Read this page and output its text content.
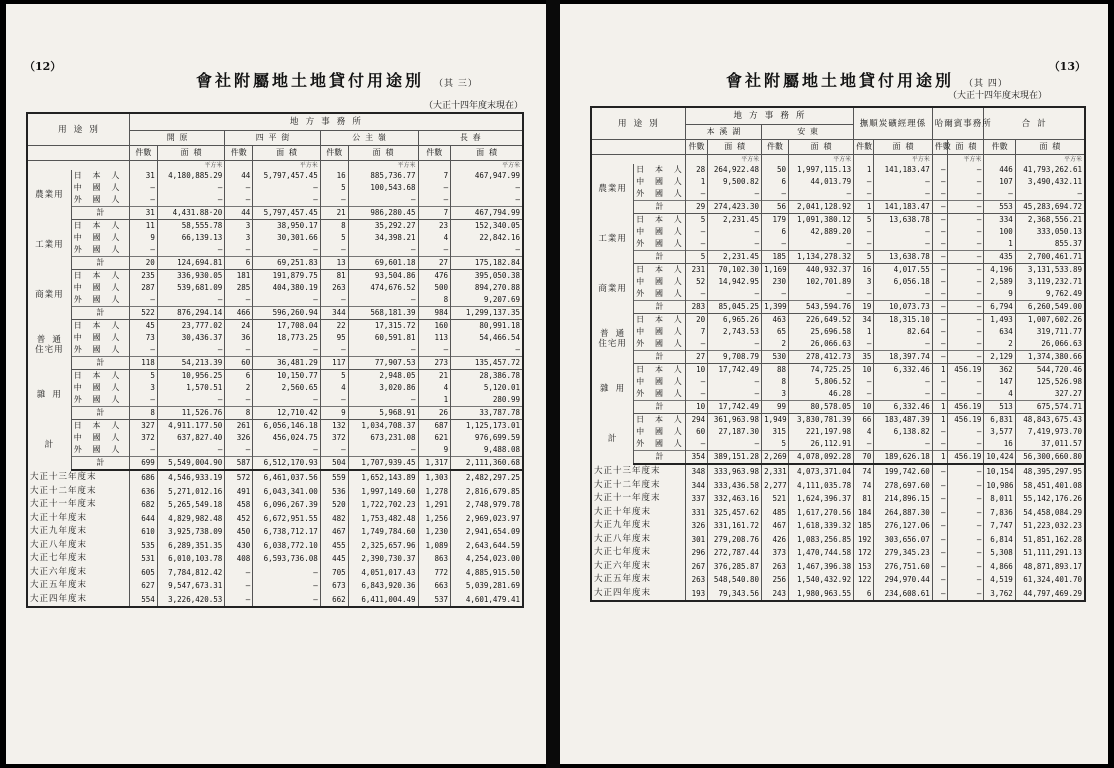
（12）
會社附屬地土地貸付用途別 （其 三）
（大正十四年度末現在）
用 途 別		地 方 事 務 所							
		開 原		四 平 街		公 主 嶺		長 春	
		件數	面 積	件數	面 積	件數	面 積	件數	面 積
			平方米		平方米		平方米		平方米
農業用	日 本 人	31	4,180,885.29	44	5,797,457.45	16	885,736.77	7	467,947.99
	中 國 人	—	—	—	—	5	100,543.68	—	—
	外 國 人	—	—	—	—	—	—	—	—
	計	31	4,431.88·20	44	5,797,457.45	21	986,280.45	7	467,794.99
工業用	日 本 人	11	58,555.78	3	38,950.17	8	35,292.27	23	152,340.05
	中 國 人	9	66,139.13	3	30,301.66	5	34,398.21	4	22,842.16
	外 國 人	—	—	—	—	—	—	—	—
	計	20	124,694.81	6	69,251.83	13	69,601.18	27	175,182.84
商業用	日 本 人	235	336,930.05	181	191,879.75	81	93,504.86	476	395,050.38
	中 國 人	287	539,681.09	285	404,380.19	263	474,676.52	500	894,270.88
	外 國 人	—	—	—	—	—	—	8	9,207.69
	計	522	876,294.14	466	596,260.94	344	568,181.39	984	1,299,137.35
普 通
住宅用	日 本 人	45	23,777.02	24	17,708.04	22	17,315.72	160	80,991.18
	中 國 人	73	30,436.37	36	18,773.25	95	60,591.81	113	54,466.54
	外 國 人	—	—	—	—	—	—	—	—
	計	118	54,213.39	60	36,481.29	117	77,907.53	273	135,457.72
雜 用	日 本 人	5	10,956.25	6	10,150.77	5	2,948.05	21	28,386.78
	中 國 人	3	1,570.51	2	2,560.65	4	3,020.86	4	5,120.01
	外 國 人	—	—	—	—	—	—	1	280.99
	計	8	11,526.76	8	12,710.42	9	5,968.91	26	33,787.78
計	日 本 人	327	4,911.177.50	261	6,056,146.18	132	1,034,708.37	687	1,125,173.01
	中 國 人	372	637,827.40	326	456,024.75	372	673,231.08	621	976,699.59
	外 國 人	—	—	—	—	—	—	9	9,488.08
	計	699	5,549,004.90	587	6,512,170.93	504	1,707,939.45	1,317	2,111,360.68
大正十三年度末		686	4,546,933.19	572	6,461,037.56	559	1,652,143.89	1,303	2,482,297.25
大正十二年度末		636	5,271,012.16	491	6,043,341.00	536	1,997,149.60	1,278	2,816,679.85
大正十一年度末		682	5,265,549.18	458	6,096,267.39	520	1,722,702.23	1,291	2,748,979.78
大正十年度末		644	4,829,982.48	452	6,672,951.55	482	1,753,482.48	1,256	2,969,023.97
大正九年度末		610	3,925,738.09	450	6,738,712.17	467	1,749,784.60	1,230	2,941,654.09
大正八年度末		535	6,289,351.35	430	6,038,772.10	455	2,325,657.96	1,089	2,643,644.59
大正七年度末		531	6,010,103.78	408	6,593,736.08	445	2,390,730.37	863	4,254,023.00
大正六年度末		605	7,784,812.42	—	—	705	4,051,017.43	772	4,885,915.50
大正五年度末		627	9,547,673.31	—	—	673	6,843,920.36	663	5,039,281.69
大正四年度末		554	3,226,420.53	—	—	662	6,411,004.49	537	4,601,479.41
（13）
會社附屬地土地貸付用途別 （其 四）
（大正十四年度末現在）
用 途 別		地 方 事 務 所				撫順炭礦經理係		哈爾賓事務所		合 計	
		本 溪 湖		安 東							
		件數	面 積	件數	面 積	件數	面 積	件數	面 積	件數	面 積
			平方米		平方米		平方米		平方米		平方米
農業用	日 本 人	28	264,922.48	50	1,997,115.13	1	141,183.47	—	—	446	41,793,262.61
	中 國 人	1	9,500.82	6	44,013.79	—	—	—	—	107	3,490,432.11
	外 國 人	—	—	—	—	—	—	—	—	—	—
	計	29	274,423.30	56	2,041,128.92	1	141,183.47	—	—	553	45,283,694.72
工業用	日 本 人	5	2,231.45	179	1,091,380.12	5	13,638.78	—	—	334	2,368,556.21
	中 國 人	—	—	6	42,889.20	—	—	—	—	100	333,050.13
	外 國 人	—	—	—	—	—	—	—	—	1	855.37
	計	5	2,231.45	185	1,134,278.32	5	13,638.78	—	—	435	2,700,461.71
商業用	日 本 人	231	70,102.30	1,169	440,932.37	16	4,017.55	—	—	4,196	3,131,533.89
	中 國 人	52	14,942.95	230	102,701.89	3	6,056.18	—	—	2,589	3,119,232.71
	外 國 人	—	—	—	—	—	—	—	—	9	9,762.49
	計	283	85,045.25	1,399	543,594.76	19	10,073.73	—	—	6,794	6,260,549.00
普 通
住宅用	日 本 人	20	6,965.26	463	226,649.52	34	18,315.10	—	—	1,493	1,007,602.26
	中 國 人	7	2,743.53	65	25,696.58	1	82.64	—	—	634	319,711.77
	外 國 人	—	—	2	26,066.63	—	—	—	—	2	26,066.63
	計	27	9,708.79	530	278,412.73	35	18,397.74	—	—	2,129	1,374,380.66
雜 用	日 本 人	10	17,742.49	88	74,725.25	10	6,332.46	1	456.19	362	544,720.46
	中 國 人	—	—	8	5,806.52	—	—	—	—	147	125,526.98
	外 國 人	—	—	3	46.28	—	—	—	—	4	327.27
	計	10	17,742.49	99	80,578.05	10	6,332.46	1	456.19	513	675,574.71
計	日 本 人	294	361,963.98	1,949	3,830,781.39	66	183,487.39	1	456.19	6,831	48,843,675.43
	中 國 人	60	27,187.30	315	221,197.98	4	6,138.82	—	—	3,577	7,419,973.70
	外 國 人	—	—	5	26,112.91	—	—	—	—	16	37,011.57
	計	354	389,151.28	2,269	4,078,092.28	70	189,626.18	1	456.19	10,424	56,300,660.80
大正十三年度末		348	333,963.98	2,331	4,073,371.04	74	199,742.60	—	—	10,154	48,395,297.95
大正十二年度末		344	333,436.58	2,277	4,111,035.78	74	278,697.60	—	—	10,986	58,451,401.08
大正十一年度末		337	332,463.16	521	1,624,396.37	81	214,896.15	—	—	8,011	55,142,176.26
大正十年度末		331	325,457.62	485	1,617,270.56	184	264,887.30	—	—	7,836	54,458,084.29
大正九年度末		326	331,161.72	467	1,618,339.32	185	276,127.06	—	—	7,747	51,223,032.23
大正八年度末		301	279,208.76	426	1,083,256.85	192	303,656.07	—	—	6,814	51,851,162.28
大正七年度末		296	272,787.44	373	1,470,744.58	172	279,345.23	—	—	5,308	51,111,291.13
大正六年度末		267	376,285.87	263	1,467,396.38	153	276,751.60	—	—	4,866	48,871,893.17
大正五年度末		263	548,540.80	256	1,540,432.92	122	294,970.44	—	—	4,519	61,324,401.70
大正四年度末		193	79,343.56	243	1,980,963.55	6	234,608.61	—	—	3,762	44,797,469.29
